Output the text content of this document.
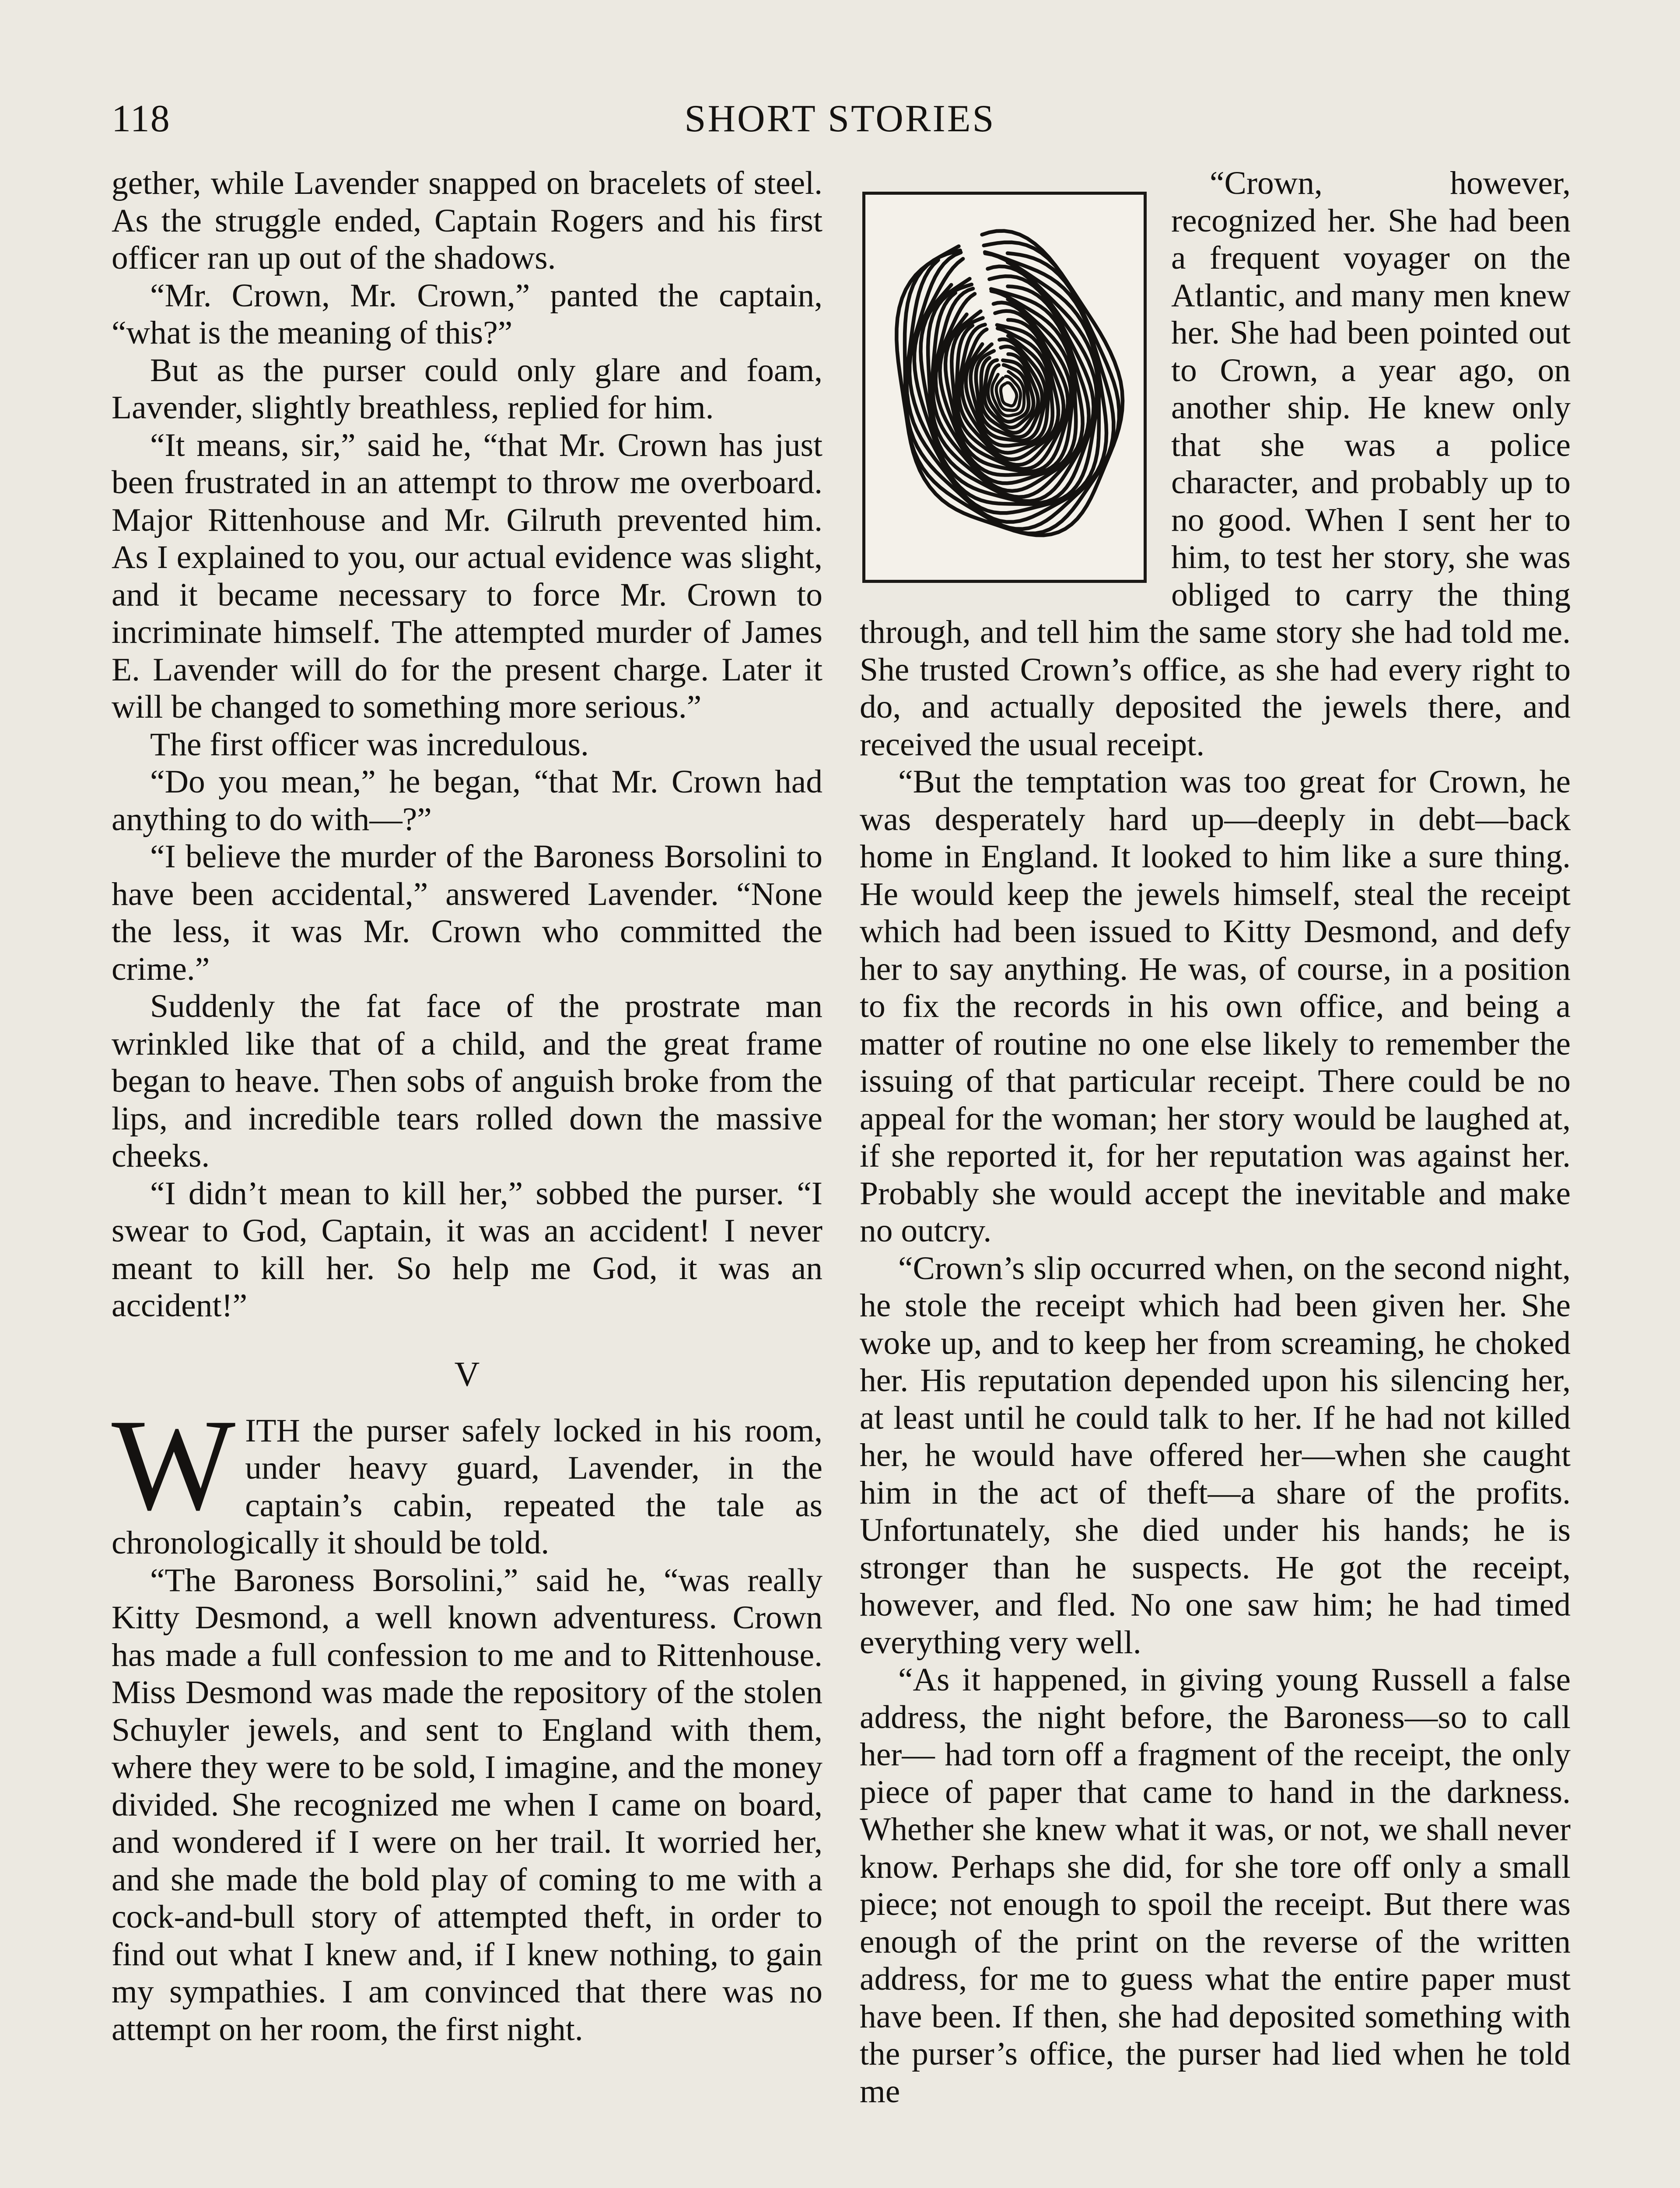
118	SHORT STORIES

gether, while Lavender snapped on bracelets of steel. As the struggle ended, Captain Rogers and his first officer ran up out of the shadows.

“Mr. Crown, Mr. Crown,” panted the captain, “what is the meaning of this?”

But as the purser could only glare and foam, Lavender, slightly breathless, replied for him.

“It means, sir,” said he, “that Mr. Crown has just been frustrated in an attempt to throw me overboard. Major Rittenhouse and Mr. Gilruth prevented him. As I explained to you, our actual evidence was slight, and it became necessary to force Mr. Crown to incriminate himself. The attempted murder of James E. Lavender will do for the present charge. Later it will be changed to something more serious.”

The first officer was incredulous.

“Do you mean,” he began, “that Mr. Crown had anything to do with—?”

“I believe the murder of the Baroness Borsolini to have been accidental,” answered Lavender. “None the less, it was Mr. Crown who committed the crime.”

Suddenly the fat face of the prostrate man wrinkled like that of a child, and the great frame began to heave. Then sobs of anguish broke from the lips, and incredible tears rolled down the massive cheeks.

“I didn’t mean to kill her,” sobbed the purser. “I swear to God, Captain, it was an accident! I never meant to kill her. So help me God, it was an accident!”

V

WITH the purser safely locked in his room, under heavy guard, Lavender, in the captain’s cabin, repeated the tale as chronologically it should be told.

“The Baroness Borsolini,” said he, “was really Kitty Desmond, a well known adventuress. Crown has made a full confession to me and to Rittenhouse. Miss Desmond was made the repository of the stolen Schuyler jewels, and sent to England with them, where they were to be sold, I imagine, and the money divided. She recognized me when I came on board, and wondered if I were on her trail. It worried her, and she made the bold play of coming to me with a cock-and-bull story of attempted theft, in order to find out what I knew and, if I knew nothing, to gain my sympathies. I am convinced that there was no attempt on her room, the first night.

“Crown, however, recognized her. She had been a frequent voyager on the Atlantic, and many men knew her. She had been pointed out to Crown, a year ago, on another ship. He knew only that she was a police character, and probably up to no good. When I sent her to him, to test her story, she was obliged to carry the thing through, and tell him the same story she had told me. She trusted Crown’s office, as she had every right to do, and actually deposited the jewels there, and received the usual receipt.

“But the temptation was too great for Crown, he was desperately hard up—deeply in debt—back home in England. It looked to him like a sure thing. He would keep the jewels himself, steal the receipt which had been issued to Kitty Desmond, and defy her to say anything. He was, of course, in a position to fix the records in his own office, and being a matter of routine no one else likely to remember the issuing of that particular receipt. There could be no appeal for the woman; her story would be laughed at, if she reported it, for her reputation was against her. Probably she would accept the inevitable and make no outcry.

“Crown’s slip occurred when, on the second night, he stole the receipt which had been given her. She woke up, and to keep her from screaming, he choked her. His reputation depended upon his silencing her, at least until he could talk to her. If he had not killed her, he would have offered her—when she caught him in the act of theft—a share of the profits. Unfortunately, she died under his hands; he is stronger than he suspects. He got the receipt, however, and fled. No one saw him; he had timed everything very well.

“As it happened, in giving young Russell a false address, the night before, the Baroness—so to call her— had torn off a fragment of the receipt, the only piece of paper that came to hand in the darkness. Whether she knew what it was, or not, we shall never know. Perhaps she did, for she tore off only a small piece; not enough to spoil the receipt. But there was enough of the print on the reverse of the written address, for me to guess what the entire paper must have been. If then, she had deposited something with the purser’s office, the purser had lied when he told me
